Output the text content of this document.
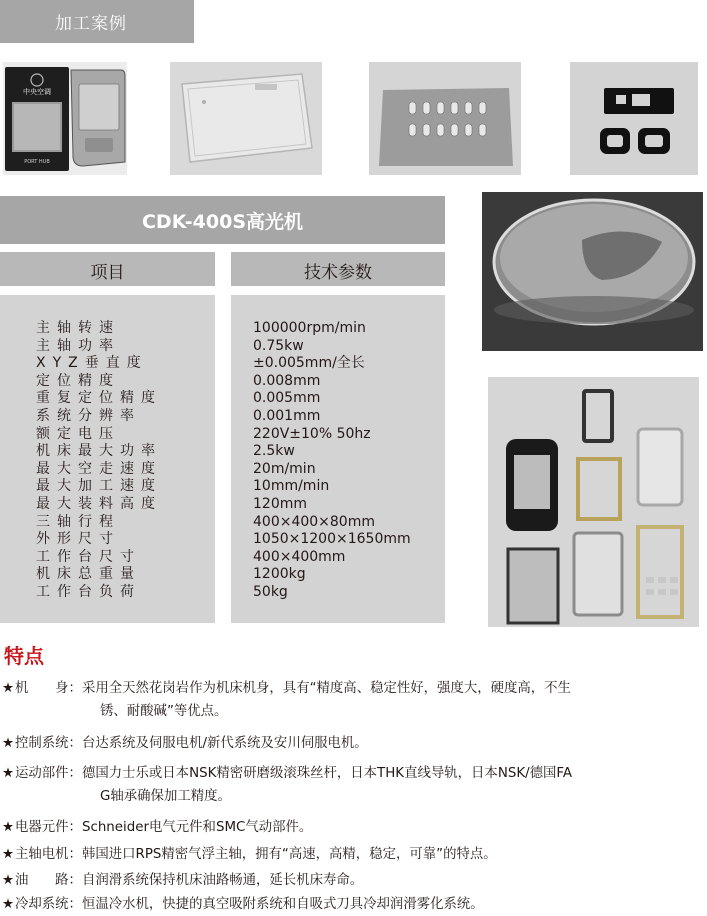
加工案例
中央空调
PORT HUB
CDK-400S高光机
项目	技术参数
主轴转速
主轴功率
XYZ垂直度
定位精度
重复定位精度
系统分辨率
额定电压
机床最大功率
最大空走速度
最大加工速度
最大装料高度
三轴行程
外形尺寸
工作台尺寸
机床总重量
工作台负荷
100000rpm/min
0.75kw
±0.005mm/全长
0.008mm
0.005mm
0.001mm
220V±10% 50hz
2.5kw
20m/min
10mm/min
120mm
400×400×80mm
1050×1200×1650mm
400×400mm
1200kg
50kg
特点
★机　　身：采用全天然花岗岩作为机床机身，具有“精度高、稳定性好，强度大，硬度高，不生
锈、耐酸碱”等优点。
★控制系统：台达系统及伺服电机/新代系统及安川伺服电机。
★运动部件：德国力士乐或日本NSK精密研磨级滚珠丝杆，日本THK直线导轨，日本NSK/德国FA
G轴承确保加工精度。
★电器元件：Schneider电气元件和SMC气动部件。
★主轴电机：韩国进口RPS精密气浮主轴，拥有“高速，高精，稳定，可靠”的特点。
★油　　路：自润滑系统保持机床油路畅通，延长机床寿命。
★冷却系统：恒温冷水机，快捷的真空吸附系统和自吸式刀具冷却润滑雾化系统。
